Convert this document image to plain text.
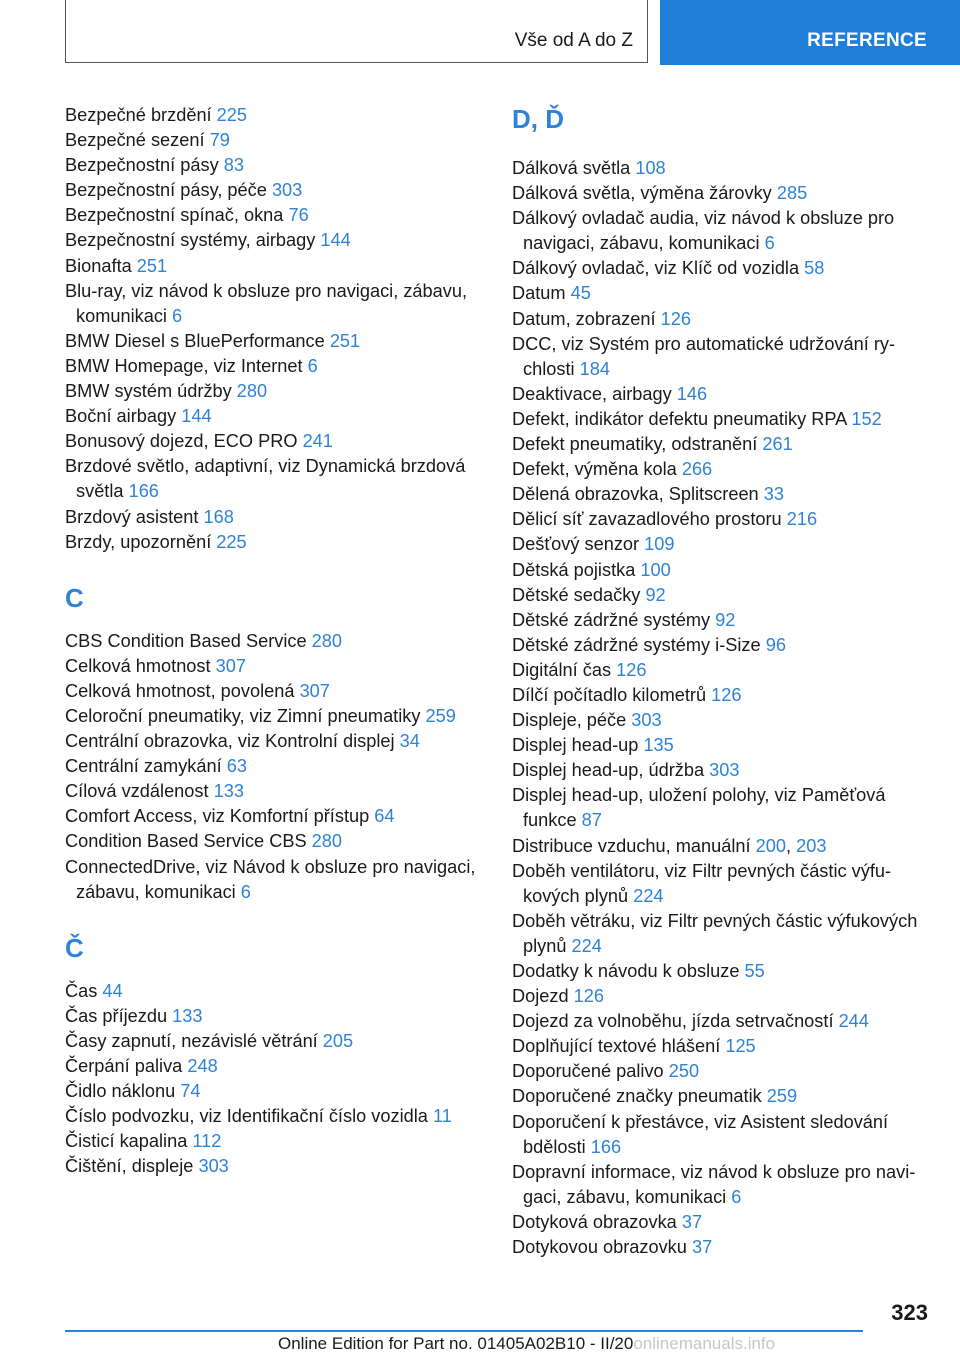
Vše od A do Z	REFERENCE
Bezpečné brzdění 225
Bezpečné sezení 79
Bezpečnostní pásy 83
Bezpečnostní pásy, péče 303
Bezpečnostní spínač, okna 76
Bezpečnostní systémy, airbagy 144
Bionafta 251
Blu-ray, viz návod k obsluze pro navigaci, zábavu, komunikaci 6
BMW Diesel s BluePerformance 251
BMW Homepage, viz Internet 6
BMW systém údržby 280
Boční airbagy 144
Bonusový dojezd, ECO PRO 241
Brzdové světlo, adaptivní, viz Dynamická brzdová světla 166
Brzdový asistent 168
Brzdy, upozornění 225
C
CBS Condition Based Service 280
Celková hmotnost 307
Celková hmotnost, povolená 307
Celoroční pneumatiky, viz Zimní pneumatiky 259
Centrální obrazovka, viz Kontrolní displej 34
Centrální zamykání 63
Cílová vzdálenost 133
Comfort Access, viz Komfortní přístup 64
Condition Based Service CBS 280
ConnectedDrive, viz Návod k obsluze pro navigaci, zábavu, komunikaci 6
Č
Čas 44
Čas příjezdu 133
Časy zapnutí, nezávislé větrání 205
Čerpání paliva 248
Čidlo náklonu 74
Číslo podvozku, viz Identifikační číslo vozidla 11
Čisticí kapalina 112
Čištění, displeje 303
D, Ď
Dálková světla 108
Dálková světla, výměna žárovky 285
Dálkový ovladač audia, viz návod k obsluze pro navigaci, zábavu, komunikaci 6
Dálkový ovladač, viz Klíč od vozidla 58
Datum 45
Datum, zobrazení 126
DCC, viz Systém pro automatické udržování rychlosti 184
Deaktivace, airbagy 146
Defekt, indikátor defektu pneumatiky RPA 152
Defekt pneumatiky, odstranění 261
Defekt, výměna kola 266
Dělená obrazovka, Splitscreen 33
Dělicí síť zavazadlového prostoru 216
Dešťový senzor 109
Dětská pojistka 100
Dětské sedačky 92
Dětské zádržné systémy 92
Dětské zádržné systémy i-Size 96
Digitální čas 126
Dílčí počítadlo kilometrů 126
Displeje, péče 303
Displej head-up 135
Displej head-up, údržba 303
Displej head-up, uložení polohy, viz Paměťová funkce 87
Distribuce vzduchu, manuální 200, 203
Doběh ventilátoru, viz Filtr pevných částic výfukových plynů 224
Doběh větráku, viz Filtr pevných částic výfukových plynů 224
Dodatky k návodu k obsluze 55
Dojezd 126
Dojezd za volnoběhu, jízda setrvačností 244
Doplňující textové hlášení 125
Doporučené palivo 250
Doporučené značky pneumatik 259
Doporučení k přestávce, viz Asistent sledování bdělosti 166
Dopravní informace, viz návod k obsluze pro navigaci, zábavu, komunikaci 6
Dotyková obrazovka 37
Dotykovou obrazovku 37
323
Online Edition for Part no. 01405A02B10 - II/20onlinemanuals.info
